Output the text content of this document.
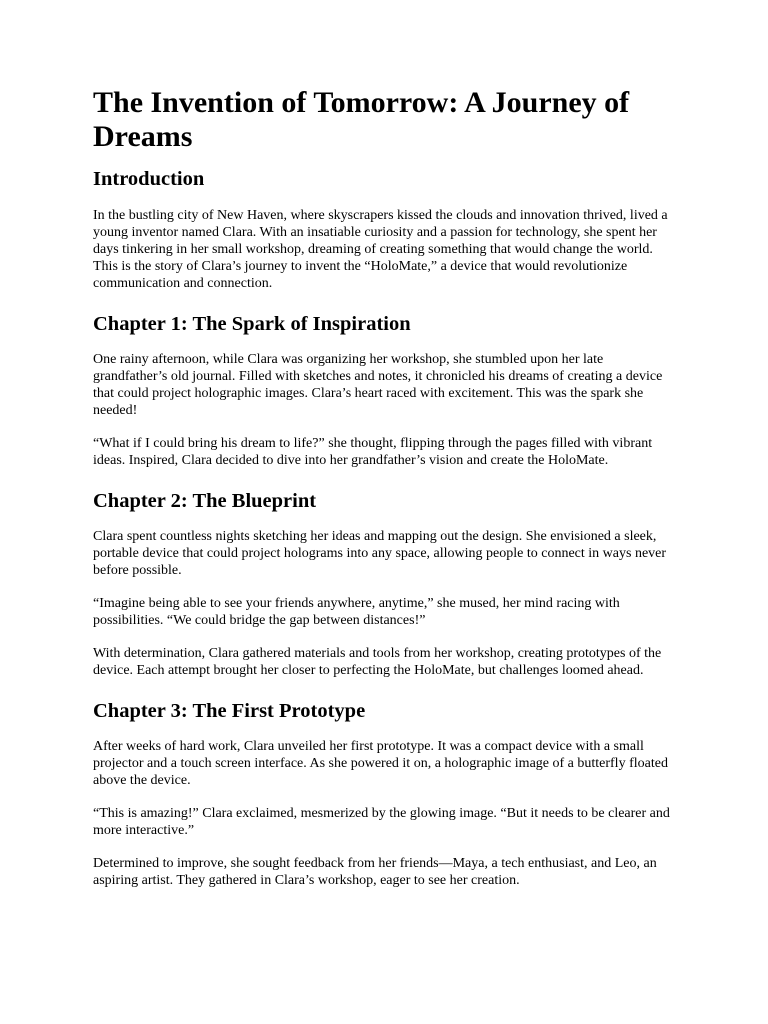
The Invention of Tomorrow: A Journey of Dreams
Introduction

In the bustling city of New Haven, where skyscrapers kissed the clouds and innovation thrived, lived a young inventor named Clara. With an insatiable curiosity and a passion for technology, she spent her days tinkering in her small workshop, dreaming of creating something that would change the world. This is the story of Clara’s journey to invent the “HoloMate,” a device that would revolutionize communication and connection.

Chapter 1: The Spark of Inspiration

One rainy afternoon, while Clara was organizing her workshop, she stumbled upon her late grandfather’s old journal. Filled with sketches and notes, it chronicled his dreams of creating a device that could project holographic images. Clara’s heart raced with excitement. This was the spark she needed!

“What if I could bring his dream to life?” she thought, flipping through the pages filled with vibrant ideas. Inspired, Clara decided to dive into her grandfather’s vision and create the HoloMate.

Chapter 2: The Blueprint

Clara spent countless nights sketching her ideas and mapping out the design. She envisioned a sleek, portable device that could project holograms into any space, allowing people to connect in ways never before possible.

“Imagine being able to see your friends anywhere, anytime,” she mused, her mind racing with possibilities. “We could bridge the gap between distances!”

With determination, Clara gathered materials and tools from her workshop, creating prototypes of the device. Each attempt brought her closer to perfecting the HoloMate, but challenges loomed ahead.

Chapter 3: The First Prototype

After weeks of hard work, Clara unveiled her first prototype. It was a compact device with a small projector and a touch screen interface. As she powered it on, a holographic image of a butterfly floated above the device.

“This is amazing!” Clara exclaimed, mesmerized by the glowing image. “But it needs to be clearer and more interactive.”

Determined to improve, she sought feedback from her friends—Maya, a tech enthusiast, and Leo, an aspiring artist. They gathered in Clara’s workshop, eager to see her creation.
